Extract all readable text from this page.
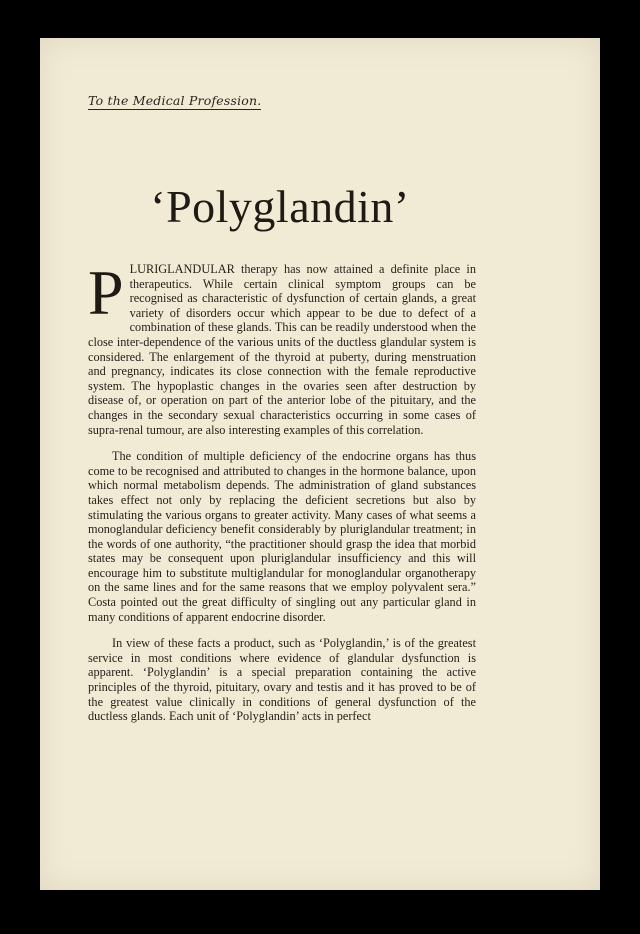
To the Medical Profession.
‘Polyglandin’

PLURIGLANDULAR therapy has now attained a definite place in therapeutics. While certain clinical symptom groups can be recognised as characteristic of dysfunction of certain glands, a great variety of disorders occur which appear to be due to defect of a combination of these glands. This can be readily understood when the close inter-dependence of the various units of the ductless glandular system is considered. The enlargement of the thyroid at puberty, during menstruation and pregnancy, indicates its close connection with the female reproductive system. The hypoplastic changes in the ovaries seen after destruction by disease of, or operation on part of the anterior lobe of the pituitary, and the changes in the secondary sexual characteristics occurring in some cases of supra-renal tumour, are also interesting examples of this correlation.

The condition of multiple deficiency of the endocrine organs has thus come to be recognised and attributed to changes in the hormone balance, upon which normal metabolism depends. The administration of gland substances takes effect not only by replacing the deficient secretions but also by stimulating the various organs to greater activity. Many cases of what seems a monoglandular deficiency benefit considerably by pluriglandular treatment; in the words of one authority, “the practitioner should grasp the idea that morbid states may be consequent upon pluriglandular insufficiency and this will encourage him to substitute multiglandular for monoglandular organotherapy on the same lines and for the same reasons that we employ polyvalent sera.” Costa pointed out the great difficulty of singling out any particular gland in many conditions of apparent endocrine disorder.

In view of these facts a product, such as ‘Polyglandin,’ is of the greatest service in most conditions where evidence of glandular dysfunction is apparent. ‘Polyglandin’ is a special preparation containing the active principles of the thyroid, pituitary, ovary and testis and it has proved to be of the greatest value clinically in conditions of general dysfunction of the ductless glands. Each unit of ‘Polyglandin’ acts in perfect
